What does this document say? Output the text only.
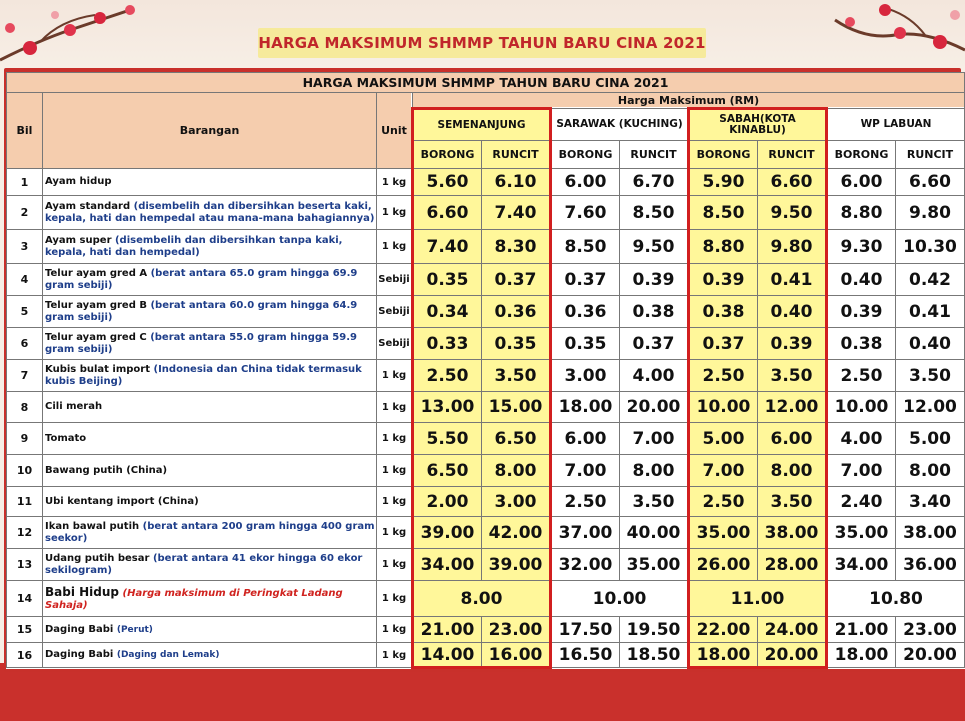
HARGA MAKSIMUM SHMMP TAHUN BARU CINA 2021
HARGA MAKSIMUM SHMMP TAHUN BARU CINA 2021										
Bil	Barangan	Unit	Harga Maksimum (RM)							
			SEMENANJUNG		SARAWAK (KUCHING)		SABAH(KOTA KINABLU)		WP LABUAN	
			BORONG	RUNCIT	BORONG	RUNCIT	BORONG	RUNCIT	BORONG	RUNCIT
1	Ayam hidup	1 kg	5.60	6.10	6.00	6.70	5.90	6.60	6.00	6.60
2	Ayam standard (disembelih dan dibersihkan beserta kaki, kepala, hati dan hempedal atau mana-mana bahagiannya)	1 kg	6.60	7.40	7.60	8.50	8.50	9.50	8.80	9.80
3	Ayam super (disembelih dan dibersihkan tanpa kaki, kepala, hati dan hempedal)	1 kg	7.40	8.30	8.50	9.50	8.80	9.80	9.30	10.30
4	Telur ayam gred A (berat antara 65.0 gram hingga 69.9 gram sebiji)	Sebiji	0.35	0.37	0.37	0.39	0.39	0.41	0.40	0.42
5	Telur ayam gred B (berat antara 60.0 gram hingga 64.9 gram sebiji)	Sebiji	0.34	0.36	0.36	0.38	0.38	0.40	0.39	0.41
6	Telur ayam gred C (berat antara 55.0 gram hingga 59.9 gram sebiji)	Sebiji	0.33	0.35	0.35	0.37	0.37	0.39	0.38	0.40
7	Kubis bulat import (Indonesia dan China tidak termasuk kubis Beijing)	1 kg	2.50	3.50	3.00	4.00	2.50	3.50	2.50	3.50
8	Cili merah	1 kg	13.00	15.00	18.00	20.00	10.00	12.00	10.00	12.00
9	Tomato	1 kg	5.50	6.50	6.00	7.00	5.00	6.00	4.00	5.00
10	Bawang putih (China)	1 kg	6.50	8.00	7.00	8.00	7.00	8.00	7.00	8.00
11	Ubi kentang import (China)	1 kg	2.00	3.00	2.50	3.50	2.50	3.50	2.40	3.40
12	Ikan bawal putih (berat antara 200 gram hingga 400 gram seekor)	1 kg	39.00	42.00	37.00	40.00	35.00	38.00	35.00	38.00
13	Udang putih besar (berat antara 41 ekor hingga 60 ekor sekilogram)	1 kg	34.00	39.00	32.00	35.00	26.00	28.00	34.00	36.00
14	Babi Hidup (Harga maksimum di Peringkat Ladang Sahaja)	1 kg	8.00		10.00		11.00		10.80	
15	Daging Babi (Perut)	1 kg	21.00	23.00	17.50	19.50	22.00	24.00	21.00	23.00
16	Daging Babi (Daging dan Lemak)	1 kg	14.00	16.00	16.50	18.50	18.00	20.00	18.00	20.00
